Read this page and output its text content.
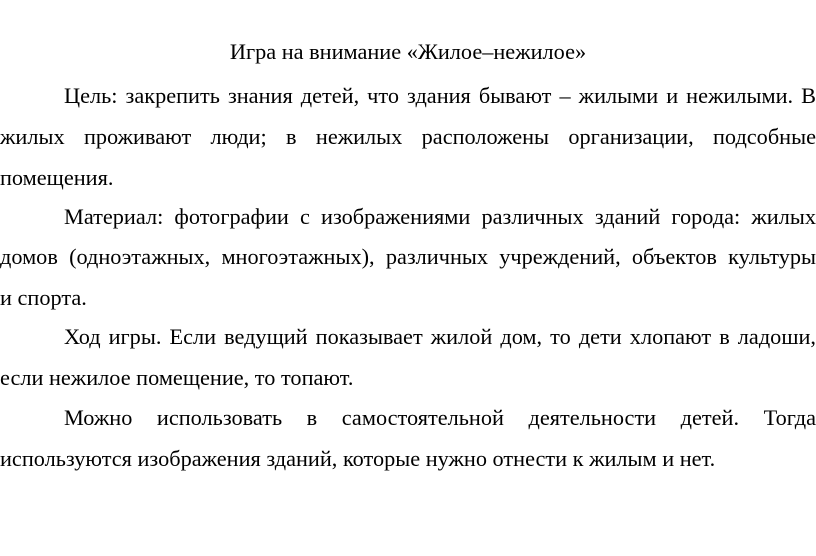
Игра на внимание «Жилое–нежилое»
Цель: закрепить знания детей, что здания бывают – жилыми и нежилыми. В
жилых проживают люди; в нежилых расположены организации, подсобные
помещения.
Материал: фотографии с изображениями различных зданий города: жилых
домов (одноэтажных, многоэтажных), различных учреждений, объектов культуры
и спорта.
Ход игры. Если ведущий показывает жилой дом, то дети хлопают в ладоши,
если нежилое помещение, то топают.
Можно использовать в самостоятельной деятельности детей. Тогда
используются изображения зданий, которые нужно отнести к жилым и нет.
